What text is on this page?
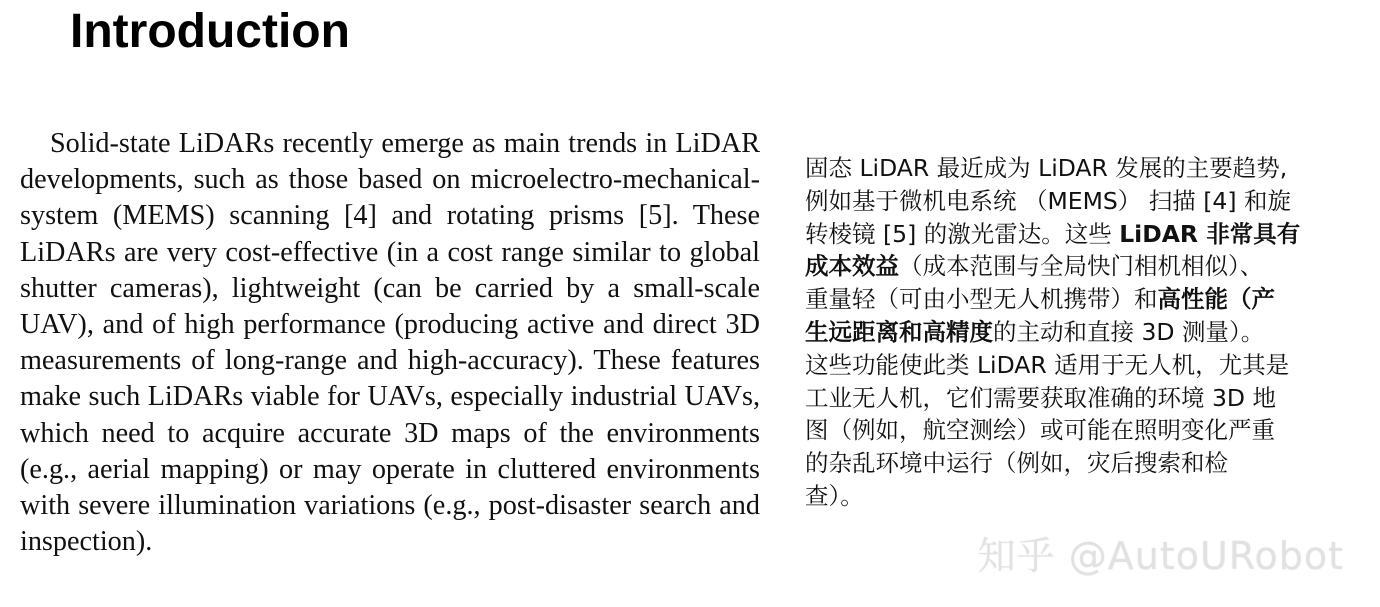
Introduction
Solid-state LiDARs recently emerge as main trends in LiDAR developments, such as those based on microelectro-mechanical-system (MEMS) scanning [4] and rotating prisms [5]. These LiDARs are very cost-effective (in a cost range similar to global shutter cameras), lightweight (can be carried by a small-scale UAV), and of high performance (producing active and direct 3D measurements of long-range and high-accuracy). These features make such LiDARs viable for UAVs, especially industrial UAVs, which need to acquire accurate 3D maps of the environments (e.g., aerial mapping) or may operate in cluttered environments with severe illumination variations (e.g., post-disaster search and inspection).
固态 LiDAR 最近成为 LiDAR 发展的主要趋势,
例如基于微机电系统 （MEMS） 扫描 [4] 和旋
转棱镜 [5] 的激光雷达。这些 LiDAR 非常具有
成本效益（成本范围与全局快门相机相似）、
重量轻（可由小型无人机携带）和高性能（产
生远距离和高精度的主动和直接 3D 测量）。
这些功能使此类 LiDAR 适用于无人机，尤其是
工业无人机，它们需要获取准确的环境 3D 地
图（例如，航空测绘）或可能在照明变化严重
的杂乱环境中运行（例如，灾后搜索和检
查）。
知乎 @AutoURobot
